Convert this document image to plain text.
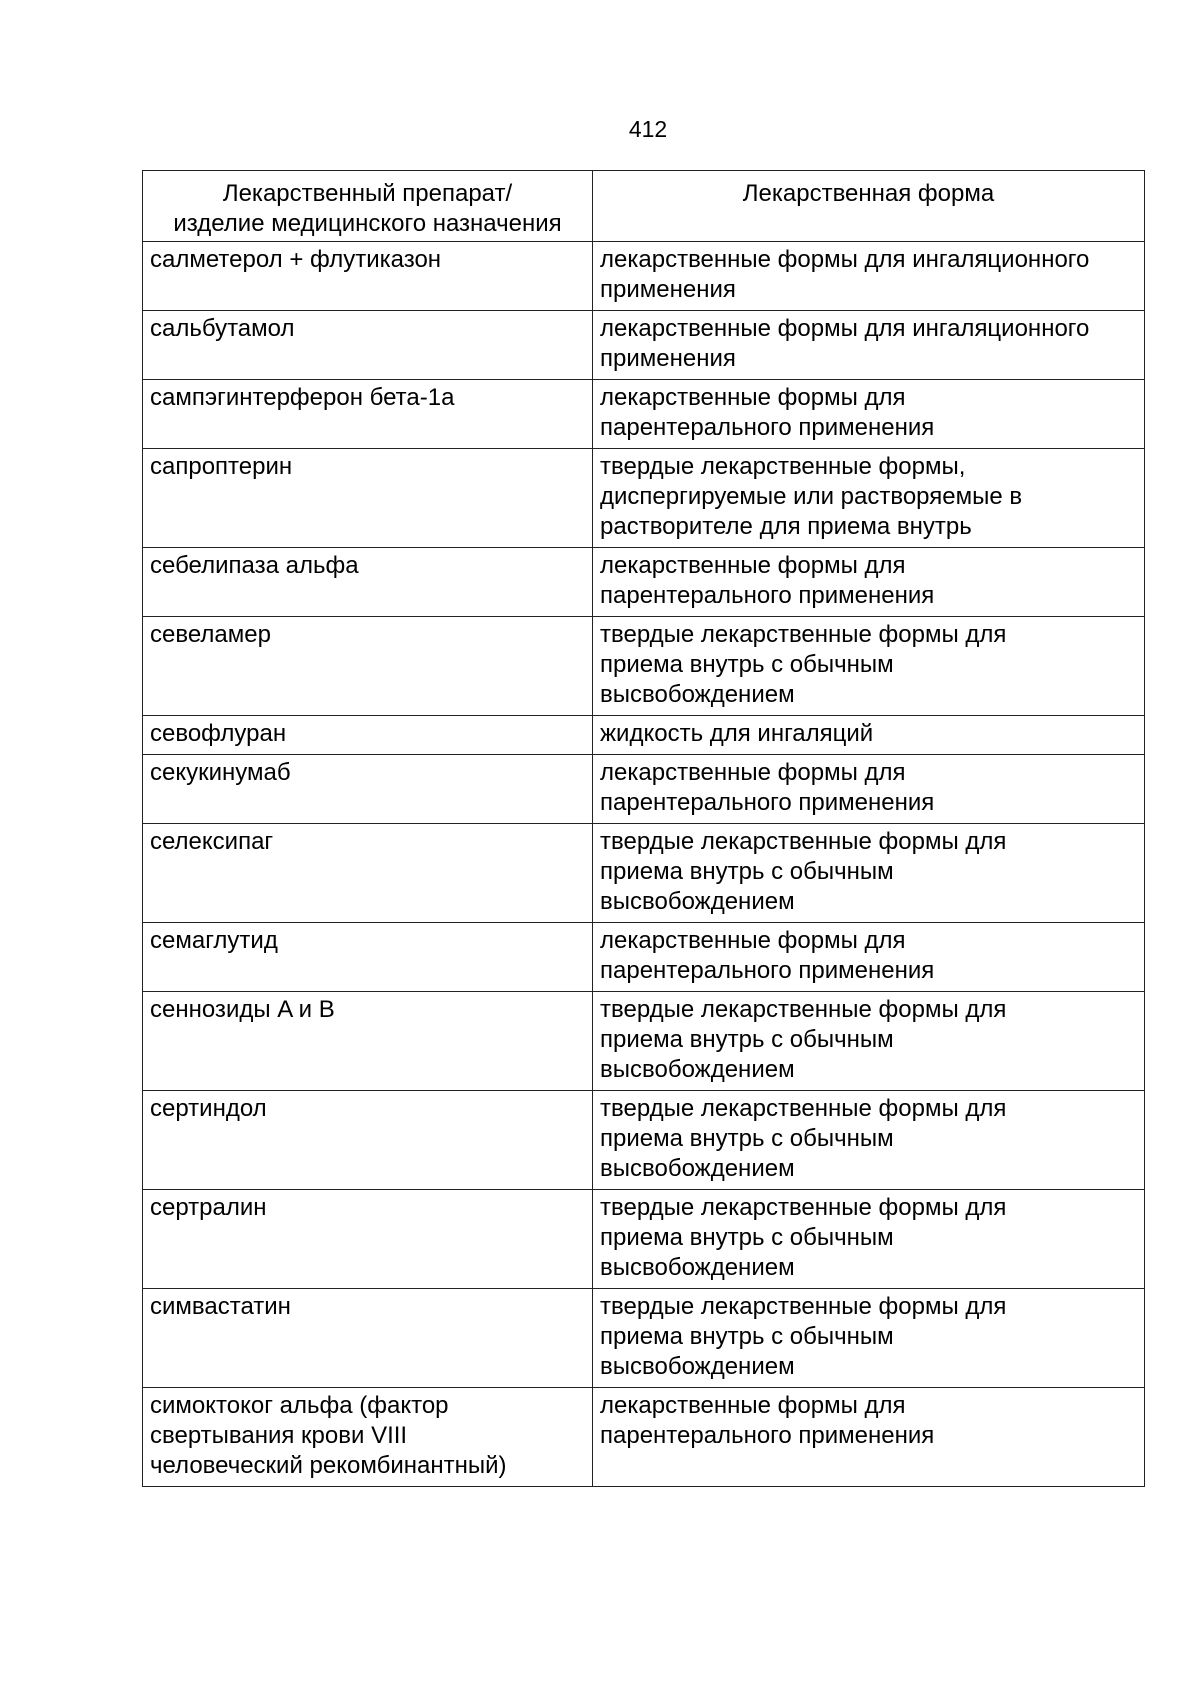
412
Лекарственный препарат/
изделие медицинского назначения	Лекарственная форма
салметерол + флутиказон	лекарственные формы для ингаляционного
применения
сальбутамол	лекарственные формы для ингаляционного
применения
сампэгинтерферон бета-1а	лекарственные формы для
парентерального применения
сапроптерин	твердые лекарственные формы,
диспергируемые или растворяемые в
растворителе для приема внутрь
себелипаза альфа	лекарственные формы для
парентерального применения
севеламер	твердые лекарственные формы для
приема внутрь с обычным
высвобождением
севофлуран	жидкость для ингаляций
секукинумаб	лекарственные формы для
парентерального применения
селексипаг	твердые лекарственные формы для
приема внутрь с обычным
высвобождением
семаглутид	лекарственные формы для
парентерального применения
сеннозиды A и B	твердые лекарственные формы для
приема внутрь с обычным
высвобождением
сертиндол	твердые лекарственные формы для
приема внутрь с обычным
высвобождением
сертралин	твердые лекарственные формы для
приема внутрь с обычным
высвобождением
симвастатин	твердые лекарственные формы для
приема внутрь с обычным
высвобождением
симоктоког альфа (фактор
свертывания крови VIII
человеческий рекомбинантный)	лекарственные формы для
парентерального применения
